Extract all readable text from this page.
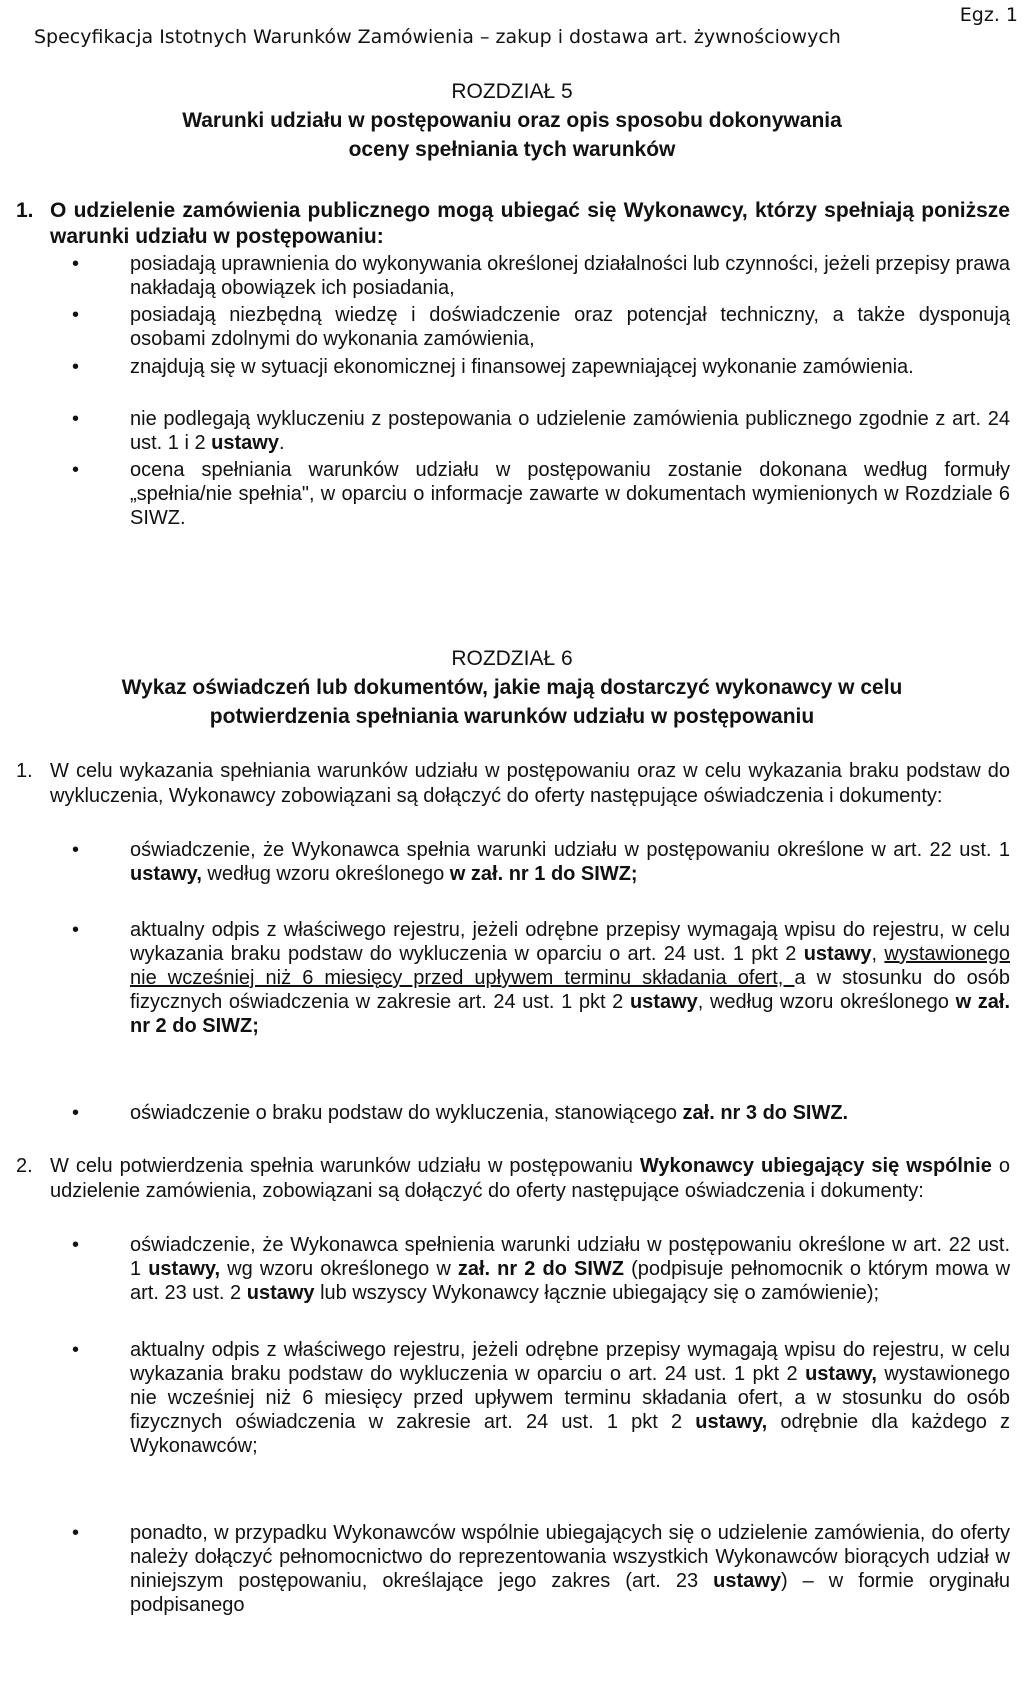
Specyfikacja Istotnych Warunków Zamówienia – zakup i dostawa art. żywnościowych
Egz. 1
ROZDZIAŁ 5
Warunki udziału w postępowaniu oraz opis sposobu dokonywania
oceny spełniania tych warunków
1. O udzielenie zamówienia publicznego mogą ubiegać się Wykonawcy, którzy spełniają poniższe warunki udziału w postępowaniu:
• posiadają uprawnienia do wykonywania określonej działalności lub czynności, jeżeli przepisy prawa nakładają obowiązek ich posiadania,
• posiadają niezbędną wiedzę i doświadczenie oraz potencjał techniczny, a także dysponują osobami zdolnymi do wykonania zamówienia,
• znajdują się w sytuacji ekonomicznej i finansowej zapewniającej wykonanie zamówienia.
• nie podlegają wykluczeniu z postepowania o udzielenie zamówienia publicznego zgodnie z art. 24 ust. 1 i 2 ustawy.
• ocena spełniania warunków udziału w postępowaniu zostanie dokonana według formuły „spełnia/nie spełnia", w oparciu o informacje zawarte w dokumentach wymienionych w Rozdziale 6 SIWZ.
ROZDZIAŁ 6
Wykaz oświadczeń lub dokumentów, jakie mają dostarczyć wykonawcy w celu
potwierdzenia spełniania warunków udziału w postępowaniu
1. W celu wykazania spełniania warunków udziału w postępowaniu oraz w celu wykazania braku podstaw do wykluczenia, Wykonawcy zobowiązani są dołączyć do oferty następujące oświadczenia i dokumenty:
• oświadczenie, że Wykonawca spełnia warunki udziału w postępowaniu określone w art. 22 ust. 1 ustawy, według wzoru określonego w zał. nr 1 do SIWZ;
• aktualny odpis z właściwego rejestru, jeżeli odrębne przepisy wymagają wpisu do rejestru, w celu wykazania braku podstaw do wykluczenia w oparciu o art. 24 ust. 1 pkt 2 ustawy, wystawionego nie wcześniej niż 6 miesięcy przed upływem terminu składania ofert, a w stosunku do osób fizycznych oświadczenia w zakresie art. 24 ust. 1 pkt 2 ustawy, według wzoru określonego w zał. nr 2 do SIWZ;
• oświadczenie o braku podstaw do wykluczenia, stanowiącego zał. nr 3 do SIWZ.
2. W celu potwierdzenia spełnia warunków udziału w postępowaniu Wykonawcy ubiegający się wspólnie o udzielenie zamówienia, zobowiązani są dołączyć do oferty następujące oświadczenia i dokumenty:
• oświadczenie, że Wykonawca spełnienia warunki udziału w postępowaniu określone w art. 22 ust. 1 ustawy, wg wzoru określonego w zał. nr 2 do SIWZ (podpisuje pełnomocnik o którym mowa w art. 23 ust. 2 ustawy lub wszyscy Wykonawcy łącznie ubiegający się o zamówienie);
• aktualny odpis z właściwego rejestru, jeżeli odrębne przepisy wymagają wpisu do rejestru, w celu wykazania braku podstaw do wykluczenia w oparciu o art. 24 ust. 1 pkt 2 ustawy, wystawionego nie wcześniej niż 6 miesięcy przed upływem terminu składania ofert, a w stosunku do osób fizycznych oświadczenia w zakresie art. 24 ust. 1 pkt 2 ustawy, odrębnie dla każdego z Wykonawców;
• ponadto, w przypadku Wykonawców wspólnie ubiegających się o udzielenie zamówienia, do oferty należy dołączyć pełnomocnictwo do reprezentowania wszystkich Wykonawców biorących udział w niniejszym postępowaniu, określające jego zakres (art. 23 ustawy) – w formie oryginału podpisanego
